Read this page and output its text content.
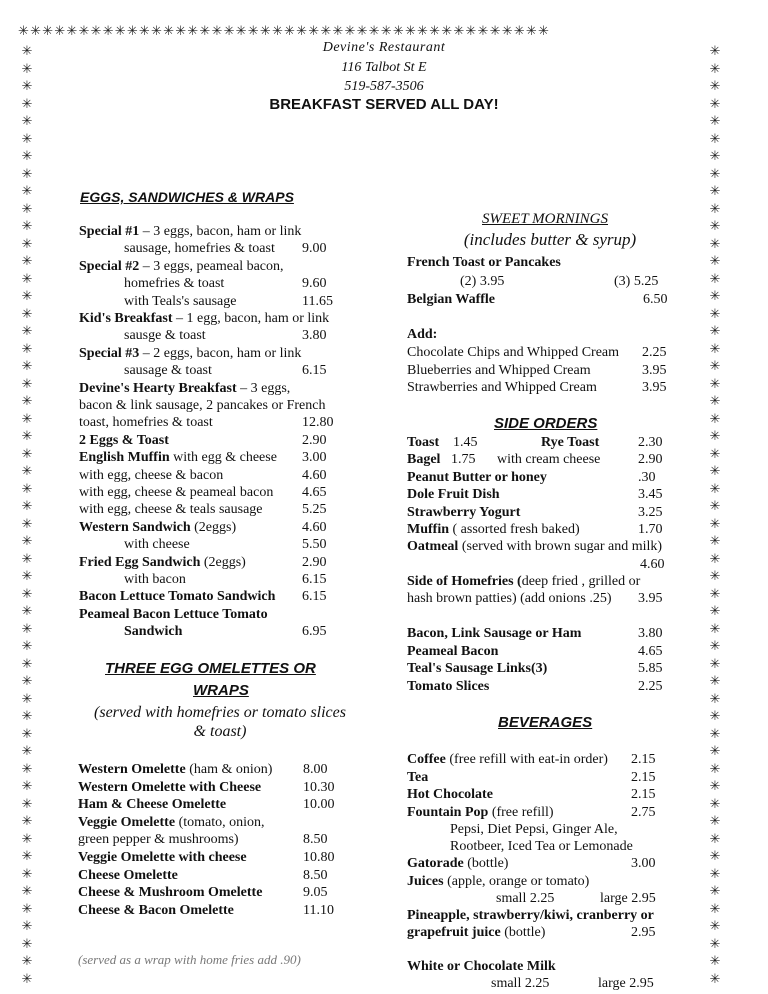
✳✳✳✳✳✳✳✳✳✳✳✳✳✳✳✳✳✳✳✳✳✳✳✳✳✳✳✳✳✳✳✳✳✳✳✳✳✳✳✳✳✳✳✳
✳
✳
✳
✳
✳
✳
✳
✳
✳
✳
✳
✳
✳
✳
✳
✳
✳
✳
✳
✳
✳
✳
✳
✳
✳
✳
✳
✳
✳
✳
✳
✳
✳
✳
✳
✳
✳
✳
✳
✳
✳
✳
✳
✳
✳
✳
✳
✳
✳
✳
✳
✳
✳
✳
✳
✳
✳
✳
✳
✳
✳
✳
✳
✳
✳
✳
✳
✳
✳
✳
✳
✳
✳
✳
✳
✳
✳
✳
✳
✳
✳
✳
✳
✳
✳
✳
✳
✳
✳
✳
✳
✳
✳
✳
✳
✳
✳
✳
✳
✳
✳
✳
✳
✳
✳
✳
✳
✳
Devine's Restaurant
116 Talbot St E
519-587-3506
BREAKFAST SERVED ALL DAY!
EGGS, SANDWICHES & WRAPS
Special #1 – 3 eggs, bacon, ham or link
sausage, homefries & toast 9.00
Special #2 – 3 eggs, peameal bacon,
homefries & toast	9.60
with Teals's sausage	11.65
Kid's Breakfast – 1 egg, bacon, ham or link
sausge & toast	3.80
Special #3 – 2 eggs, bacon, ham or link
sausage & toast	6.15
Devine's Hearty Breakfast – 3 eggs,
bacon & link sausage, 2 pancakes or French
toast, homefries & toast	12.80
2 Eggs & Toast	2.90
English Muffin with egg & cheese 3.00
with egg, cheese & bacon	4.60
with egg, cheese & peameal bacon 4.65
with egg, cheese & teals sausage	5.25
Western Sandwich (2eggs)	4.60
with cheese	5.50
Fried Egg Sandwich (2eggs)	2.90
with bacon	6.15
Bacon Lettuce Tomato Sandwich 6.15
Peameal Bacon Lettuce Tomato
Sandwich	6.95
THREE EGG OMELETTES OR
WRAPS
(served with homefries or tomato slices
& toast)
Western Omelette (ham & onion) 8.00
Western Omelette with Cheese	10.30
Ham & Cheese Omelette	10.00
Veggie Omelette (tomato, onion,
green pepper & mushrooms)	8.50
Veggie Omelette with cheese	10.80
Cheese Omelette	8.50
Cheese & Mushroom Omelette	9.05
Cheese & Bacon Omelette	11.10
(served as a wrap with home fries add .90)
SWEET MORNINGS
(includes butter & syrup)
French Toast or Pancakes
(2) 3.95	(3) 5.25
Belgian Waffle	6.50
Add:
Chocolate Chips and Whipped Cream 2.25
Blueberries and Whipped Cream	3.95
Strawberries and Whipped Cream	3.95
SIDE ORDERS
Toast 1.45	Rye Toast	2.30
Bagel 1.75 with cream cheese	2.90
Peanut Butter or honey	.30
Dole Fruit Dish	3.45
Strawberry Yogurt	3.25
Muffin ( assorted fresh baked)	1.70
Oatmeal (served with brown sugar and milk)
4.60
Side of Homefries (deep fried , grilled or
hash brown patties) (add onions .25) 3.95
Bacon, Link Sausage or Ham	3.80
Peameal Bacon	4.65
Teal's Sausage Links(3)	5.85
Tomato Slices	2.25
BEVERAGES
Coffee (free refill with eat-in order) 2.15
Tea	2.15
Hot Chocolate	2.15
Fountain Pop (free refill)	2.75
Pepsi, Diet Pepsi, Ginger Ale,
Rootbeer, Iced Tea or Lemonade
Gatorade (bottle)	3.00
Juices (apple, orange or tomato)
small 2.25	large 2.95
Pineapple, strawberry/kiwi, cranberry or
grapefruit juice (bottle)	2.95
White or Chocolate Milk
small 2.25	large 2.95
